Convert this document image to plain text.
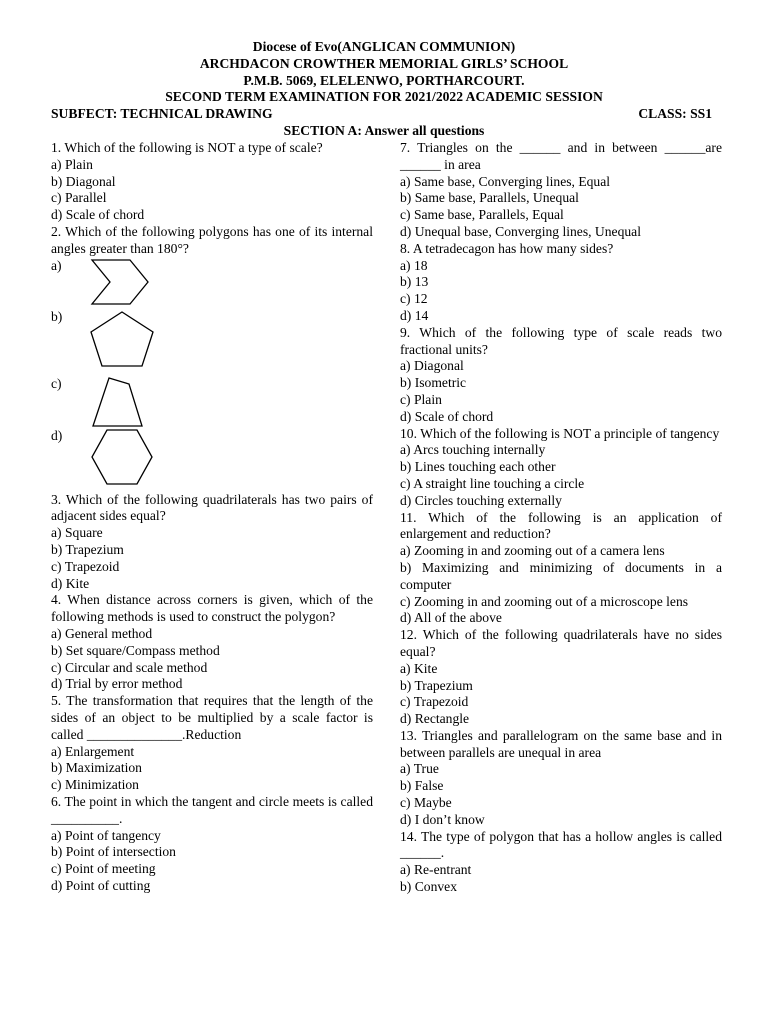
Diocese of Evo(ANGLICAN COMMUNION)
ARCHDACON CROWTHER MEMORIAL GIRLS’ SCHOOL
P.M.B. 5069, ELELENWO, PORTHARCOURT.
SECOND TERM EXAMINATION FOR 2021/2022 ACADEMIC SESSION
SUBFECT: TECHNICAL DRAWING	CLASS: SS1
SECTION A: Answer all questions
1. Which of the following is NOT a type of scale?
a) Plain
b) Diagonal
c) Parallel
d) Scale of chord
2. Which of the following polygons has one of its internal angles greater than 180°?
a)
b)
c)
d)
3. Which of the following quadrilaterals has two pairs of adjacent sides equal?
a) Square
b) Trapezium
c) Trapezoid
d) Kite
4. When distance across corners is given, which of the following methods is used to construct the polygon?
a) General method
b) Set square/Compass method
c) Circular and scale method
d) Trial by error method
5. The transformation that requires that the length of the sides of an object to be multiplied by a scale factor is called ______________.Reduction
a) Enlargement
b) Maximization
c) Minimization
6. The point in which the tangent and circle meets is called __________.
a) Point of tangency
b) Point of intersection
c) Point of meeting
d) Point of cutting
7. Triangles on the ______ and in between ______are ______ in area
a) Same base, Converging lines, Equal
b) Same base, Parallels, Unequal
c) Same base, Parallels, Equal
d) Unequal base, Converging lines, Unequal
8. A tetradecagon has how many sides?
a) 18
b) 13
c) 12
d) 14
9. Which of the following type of scale reads two fractional units?
a) Diagonal
b) Isometric
c) Plain
d) Scale of chord
10. Which of the following is NOT a principle of tangency
a) Arcs touching internally
b) Lines touching each other
c) A straight line touching a circle
d) Circles touching externally
11. Which of the following is an application of enlargement and reduction?
a) Zooming in and zooming out of a camera lens
b) Maximizing and minimizing of documents in a computer
c) Zooming in and zooming out of a microscope lens
d) All of the above
12. Which of the following quadrilaterals have no sides equal?
a) Kite
b) Trapezium
c) Trapezoid
d) Rectangle
13. Triangles and parallelogram on the same base and in between parallels are unequal in area
a) True
b) False
c) Maybe
d) I don’t know
14. The type of polygon that has a hollow angles is called ______.
a) Re-entrant
b) Convex
